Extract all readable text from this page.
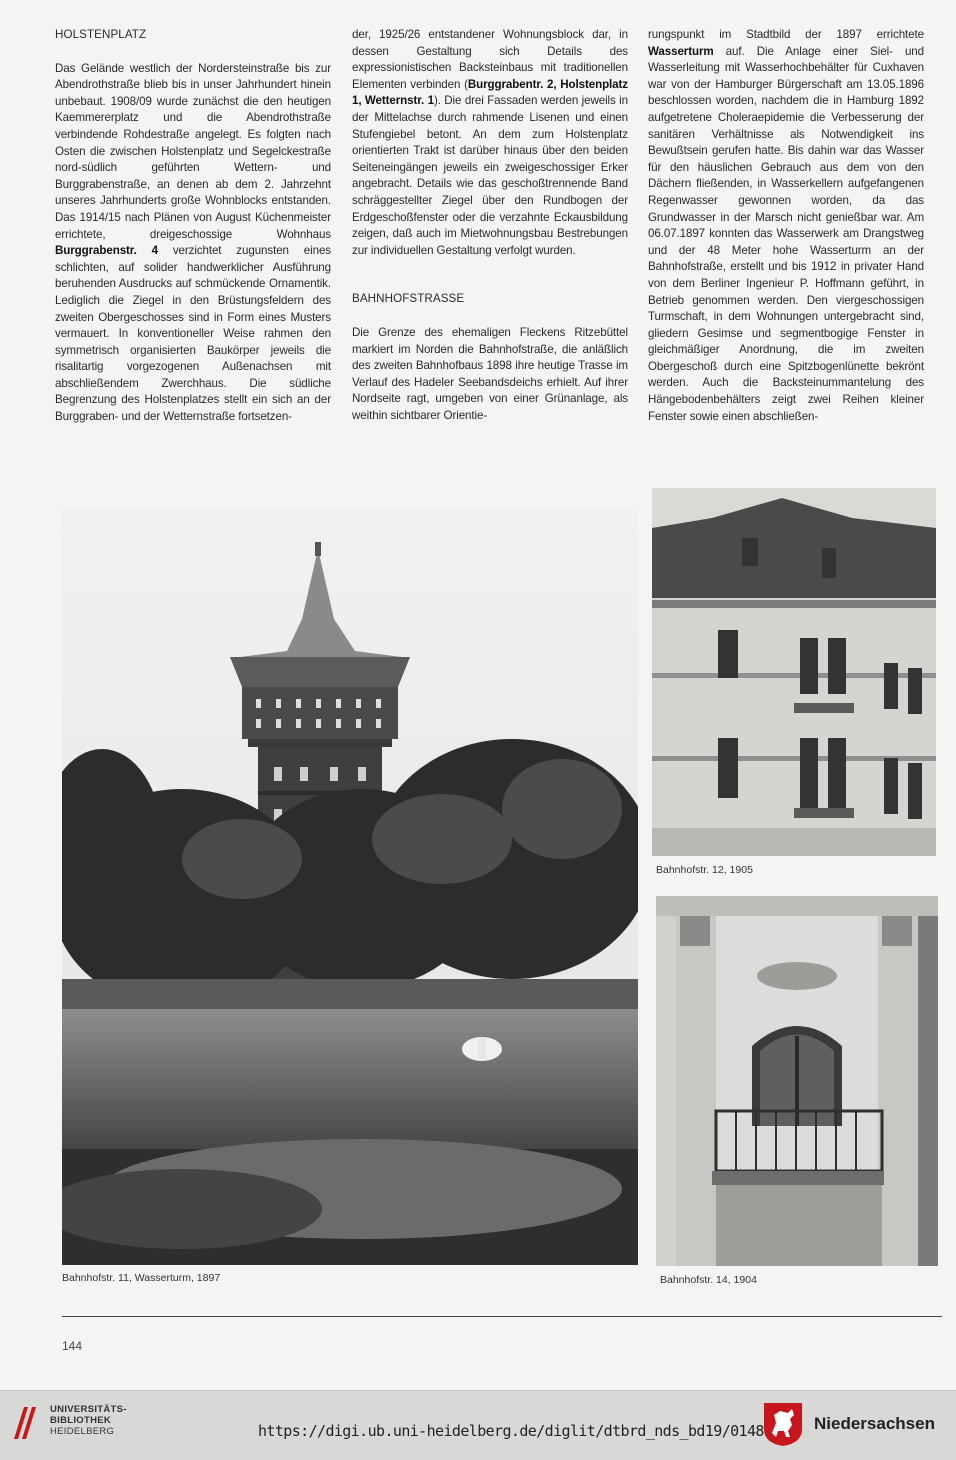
HOLSTENPLATZ

Das Gelände westlich der Nordersteinstraße bis zur Abendrothstraße blieb bis in unser Jahrhundert hinein unbebaut. 1908/09 wurde zunächst die den heutigen Kaemmererplatz und die Abendrothstraße verbindende Rohdestraße angelegt. Es folgten nach Osten die zwischen Holstenplatz und Segelckestraße nord-südlich geführten Wettern- und Burggrabenstraße, an denen ab dem 2. Jahrzehnt unseres Jahrhunderts große Wohnblocks entstanden. Das 1914/15 nach Plänen von August Küchenmeister errichtete, dreigeschossige Wohnhaus Burggrabenstr. 4 verzichtet zugunsten eines schlichten, auf solider handwerklicher Ausführung beruhenden Ausdrucks auf schmückende Ornamentik. Lediglich die Ziegel in den Brüstungsfeldern des zweiten Obergeschosses sind in Form eines Musters vermauert. In konventioneller Weise rahmen den symmetrisch organisierten Baukörper jeweils die risalitartig vorgezogenen Außenachsen mit abschließendem Zwerchhaus. Die südliche Begrenzung des Holstenplatzes stellt ein sich an der Burggraben- und der Wetternstraße fortsetzen-

der, 1925/26 entstandener Wohnungsblock dar, in dessen Gestaltung sich Details des expressionistischen Backsteinbaus mit traditionellen Elementen verbinden (Burggrabentr. 2, Holstenplatz 1, Wetternstr. 1). Die drei Fassaden werden jeweils in der Mittelachse durch rahmende Lisenen und einen Stufengiebel betont. An dem zum Holstenplatz orientierten Trakt ist darüber hinaus über den beiden Seiteneingängen jeweils ein zweigeschossiger Erker angebracht. Details wie das geschoßtrennende Band schräggestellter Ziegel über den Rundbogen der Erdgeschoßfenster oder die verzahnte Eckausbildung zeigen, daß auch im Mietwohnungsbau Bestrebungen zur individuellen Gestaltung verfolgt wurden.

BAHNHOFSTRASSE

Die Grenze des ehemaligen Fleckens Ritzebüttel markiert im Norden die Bahnhofstraße, die anläßlich des zweiten Bahnhofbaus 1898 ihre heutige Trasse im Verlauf des Hadeler Seebandsdeichs erhielt. Auf ihrer Nordseite ragt, umgeben von einer Grünanlage, als weithin sichtbarer Orientie-

rungspunkt im Stadtbild der 1897 errichtete Wasserturm auf. Die Anlage einer Siel- und Wasserleitung mit Wasserhochbehälter für Cuxhaven war von der Hamburger Bürgerschaft am 13.05.1896 beschlossen worden, nachdem die in Hamburg 1892 aufgetretene Choleraepidemie die Verbesserung der sanitären Verhältnisse als Notwendigkeit ins Bewußtsein gerufen hatte. Bis dahin war das Wasser für den häuslichen Gebrauch aus dem von den Dächern fließenden, in Wasserkellern aufgefangenen Regenwasser gewonnen worden, da das Grundwasser in der Marsch nicht genießbar war. Am 06.07.1897 konnten das Wasserwerk am Drangstweg und der 48 Meter hohe Wasserturm an der Bahnhofstraße, erstellt und bis 1912 in privater Hand von dem Berliner Ingenieur P. Hoffmann geführt, in Betrieb genommen werden. Den viergeschossigen Turmschaft, in dem Wohnungen untergebracht sind, gliedern Gesimse und segmentbogige Fenster in gleichmäßiger Anordnung, die im zweiten Obergeschoß durch eine Spitzbogenlünette bekrönt werden. Auch die Backsteinummantelung des Hängebodenbehälters zeigt zwei Reihen kleiner Fenster sowie einen abschließen-

Bahnhofstr. 11, Wasserturm, 1897
Bahnhofstr. 12, 1905
Bahnhofstr. 14, 1904
144
UNIVERSITÄTS-
BIBLIOTHEK
HEIDELBERG	https://digi.ub.uni-heidelberg.de/diglit/dtbrd_nds_bd19/0148	Niedersachsen
